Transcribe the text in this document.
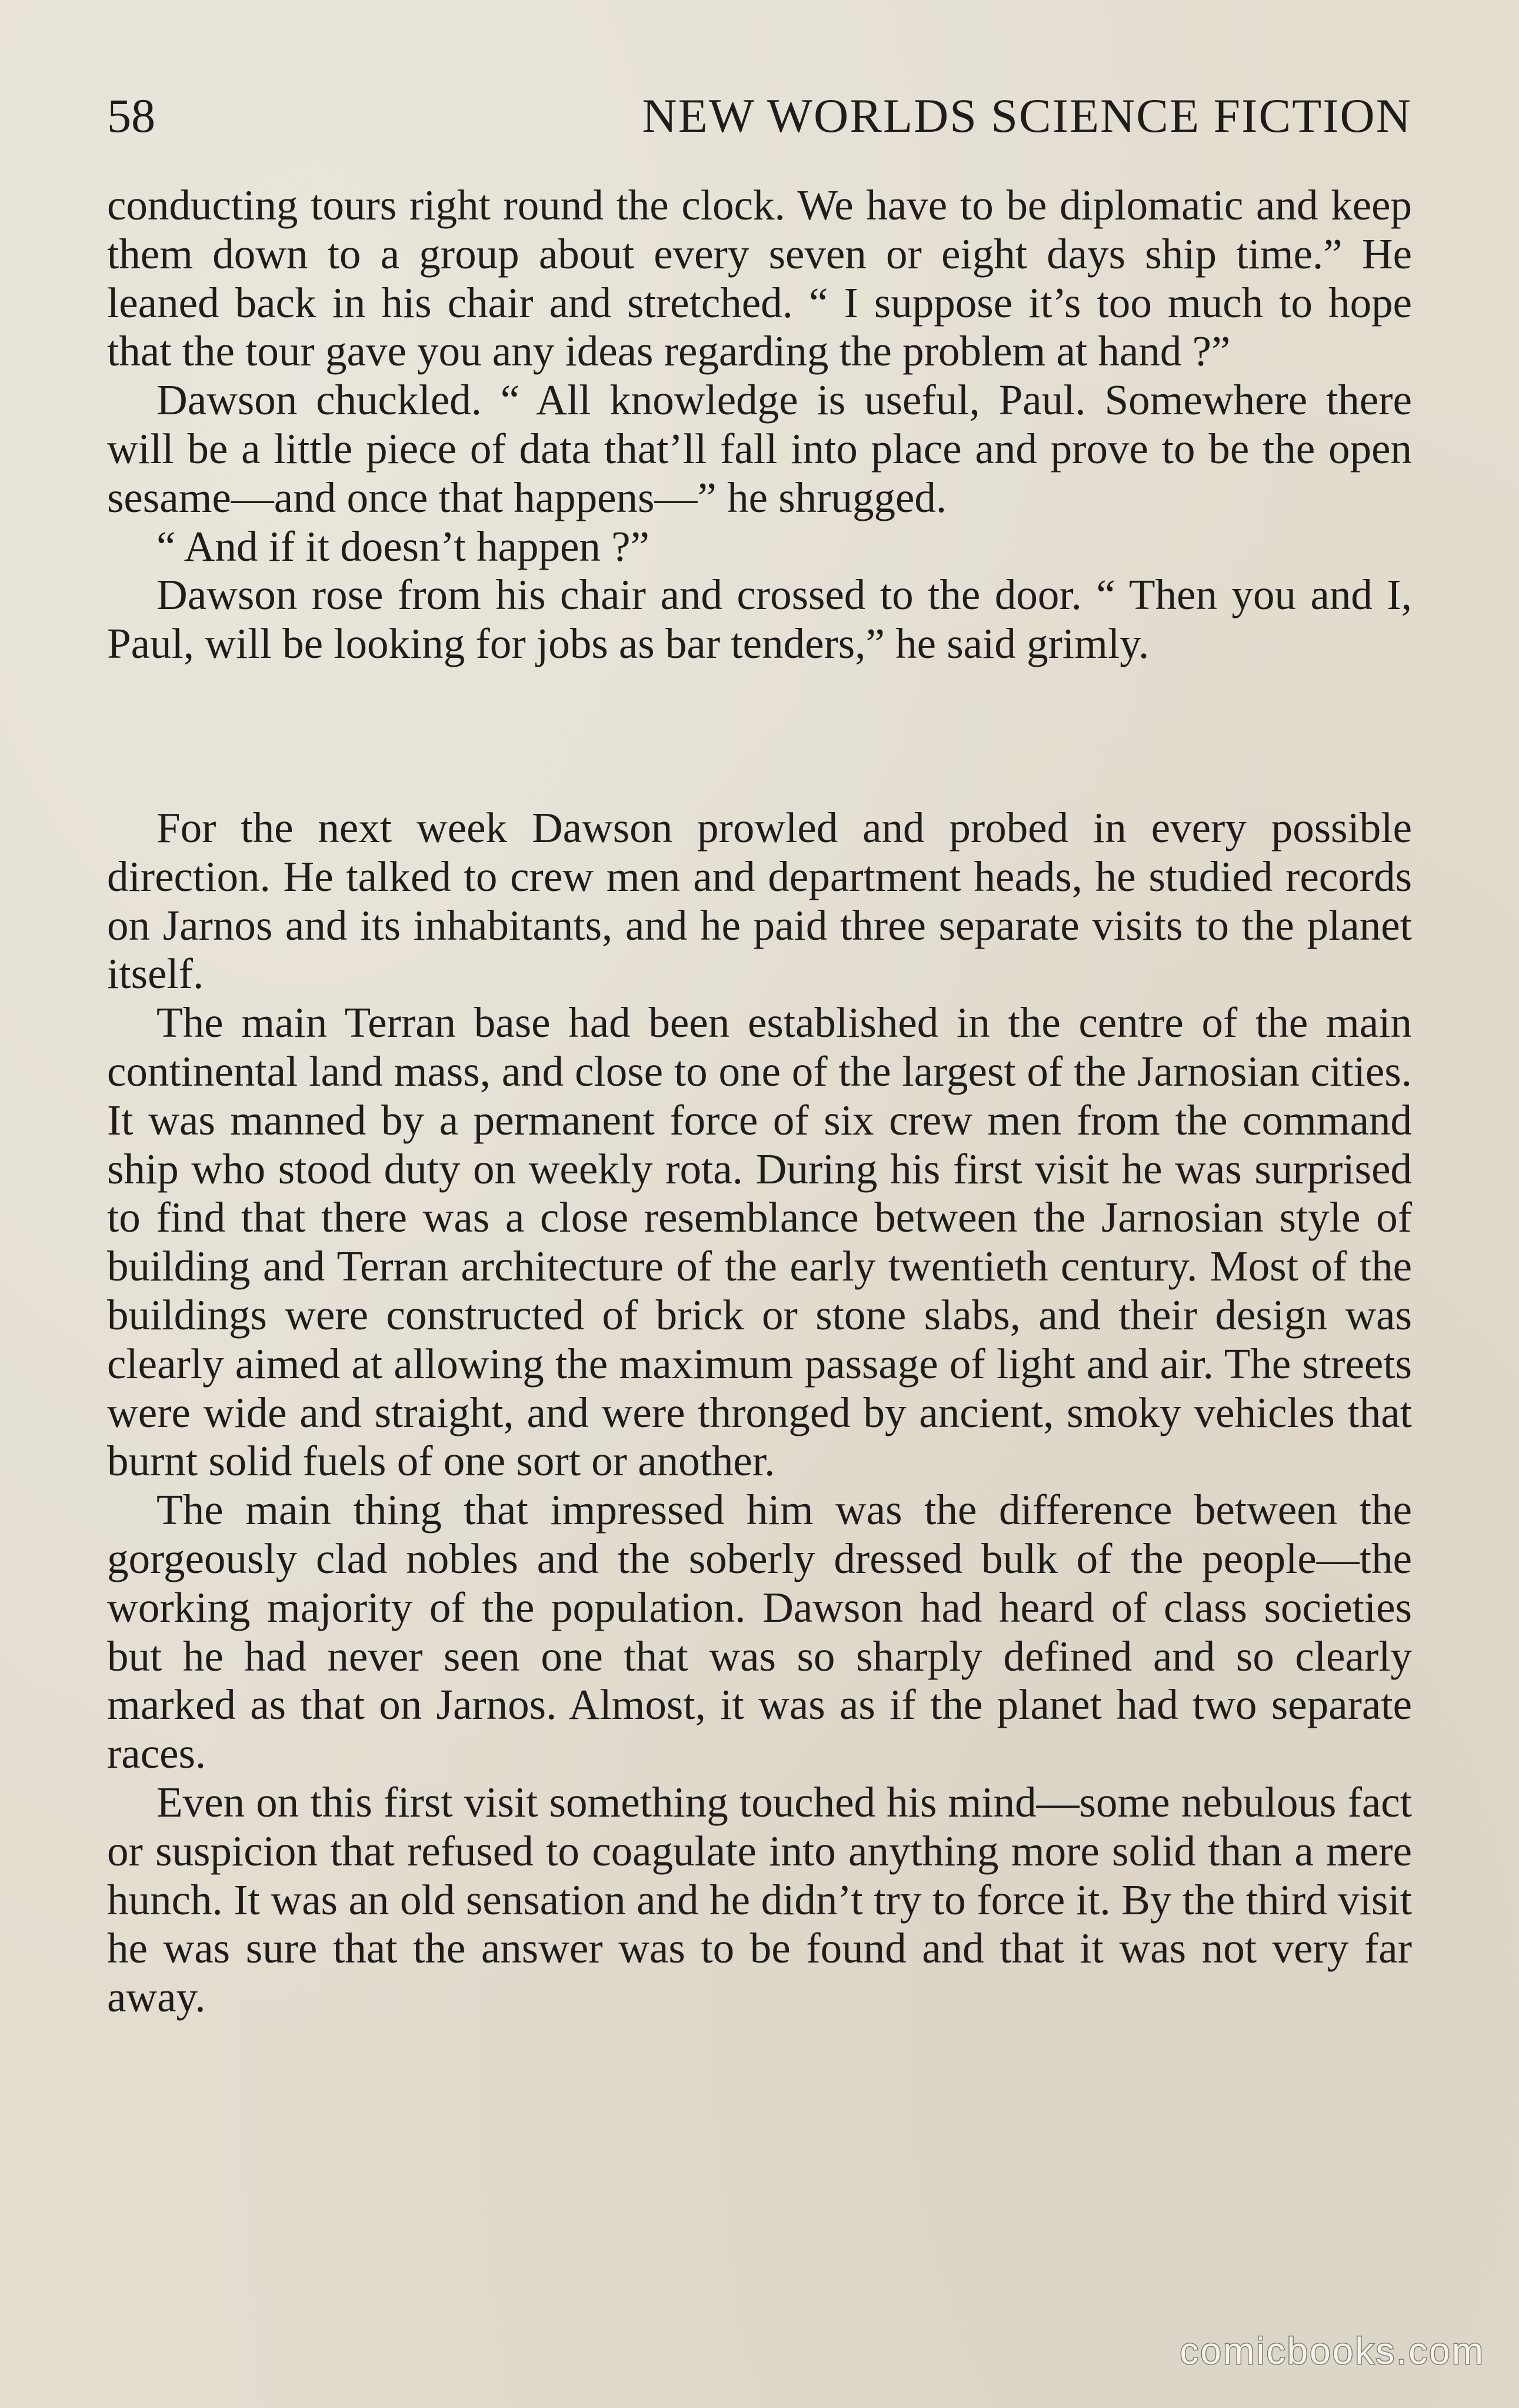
58	NEW WORLDS SCIENCE FICTION

conducting tours right round the clock. We have to be diplomatic and keep them down to a group about every seven or eight days ship time.” He leaned back in his chair and stretched. “ I suppose it’s too much to hope that the tour gave you any ideas regarding the problem at hand ?”

Dawson chuckled. “ All knowledge is useful, Paul. Somewhere there will be a little piece of data that’ll fall into place and prove to be the open sesame—and once that happens—” he shrugged.

“ And if it doesn’t happen ?”

Dawson rose from his chair and crossed to the door. “ Then you and I, Paul, will be looking for jobs as bar tenders,” he said grimly.

For the next week Dawson prowled and probed in every possible direction. He talked to crew men and department heads, he studied records on Jarnos and its inhabitants, and he paid three separate visits to the planet itself.

The main Terran base had been established in the centre of the main continental land mass, and close to one of the largest of the Jarnosian cities. It was manned by a permanent force of six crew men from the command ship who stood duty on weekly rota. During his first visit he was surprised to find that there was a close resemblance between the Jarnosian style of building and Terran architecture of the early twentieth century. Most of the buildings were constructed of brick or stone slabs, and their design was clearly aimed at allowing the maximum passage of light and air. The streets were wide and straight, and were thronged by ancient, smoky vehicles that burnt solid fuels of one sort or another.

The main thing that impressed him was the difference between the gorgeously clad nobles and the soberly dressed bulk of the people—the working majority of the population. Dawson had heard of class societies but he had never seen one that was so sharply defined and so clearly marked as that on Jarnos. Almost, it was as if the planet had two separate races.

Even on this first visit something touched his mind—some nebulous fact or suspicion that refused to coagulate into anything more solid than a mere hunch. It was an old sensation and he didn’t try to force it. By the third visit he was sure that the answer was to be found and that it was not very far away.

comicbooks.com
